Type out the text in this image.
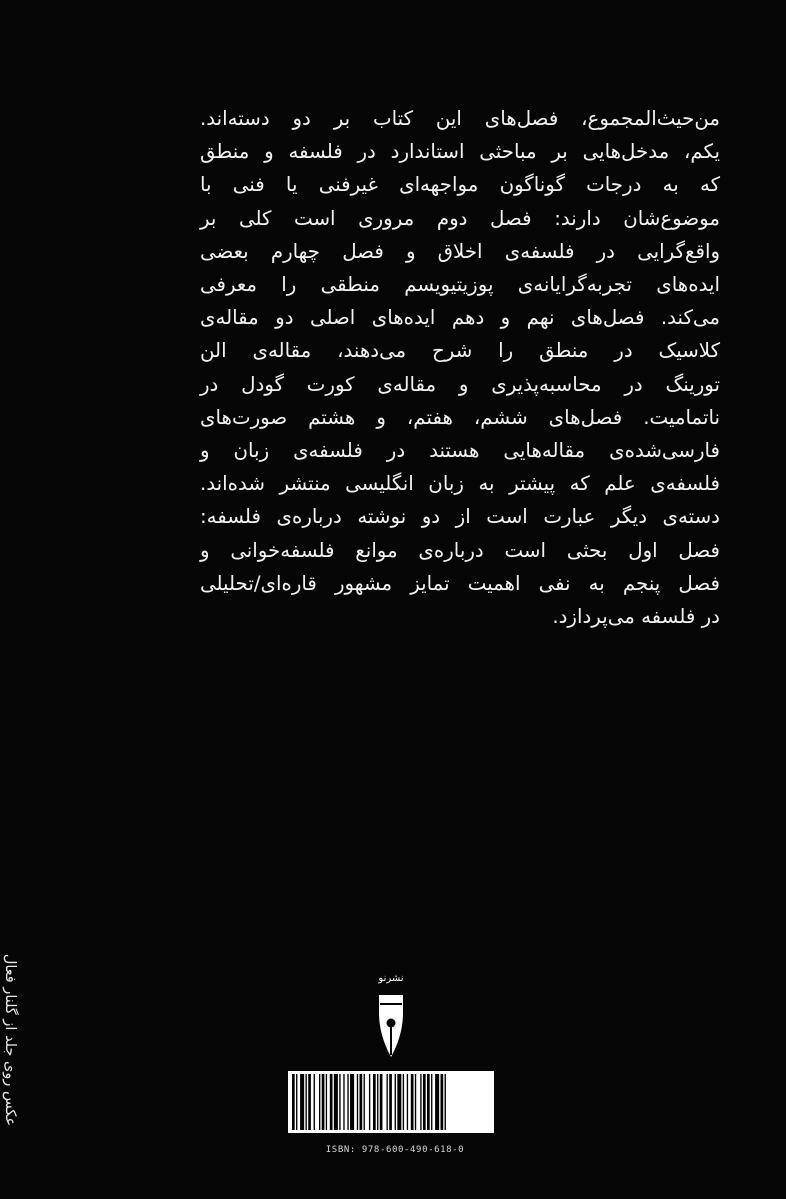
من‌حیث‌المجموع، فصل‌های این کتاب بر دو دسته‌اند.
یکم، مدخل‌هایی بر مباحثی استاندارد در فلسفه و منطق
که به درجات گوناگون مواجهه‌ای غیرفنی یا فنی با
موضوع‌شان دارند: فصل دوم مروری است کلی بر
واقع‌گرایی در فلسفه‌ی اخلاق و فصل چهارم بعضی
ایده‌های تجربه‌گرایانه‌ی پوزیتیویسم منطقی را معرفی
می‌کند. فصل‌های نهم و دهم ایده‌های اصلی دو مقاله‌ی
کلاسیک در منطق را شرح می‌دهند، مقاله‌ی الن
تورینگ در محاسبه‌پذیری و مقاله‌ی کورت گودل در
ناتمامیت. فصل‌های ششم، هفتم، و هشتم صورت‌های
فارسی‌شده‌ی مقاله‌هایی هستند در فلسفه‌ی زبان و
فلسفه‌ی علم که پیشتر به زبان انگلیسی منتشر شده‌اند.
دسته‌ی دیگر عبارت است از دو نوشته درباره‌ی فلسفه:
فصل اول بحثی است درباره‌ی موانع فلسفه‌خوانی و
فصل پنجم به نفی اهمیت تمایز مشهور قاره‌ای/تحلیلی
در فلسفه می‌پردازد.
عکس روی جلد از گلنار فعال	نشرنو
ISBN: 978-600-490-618-0
